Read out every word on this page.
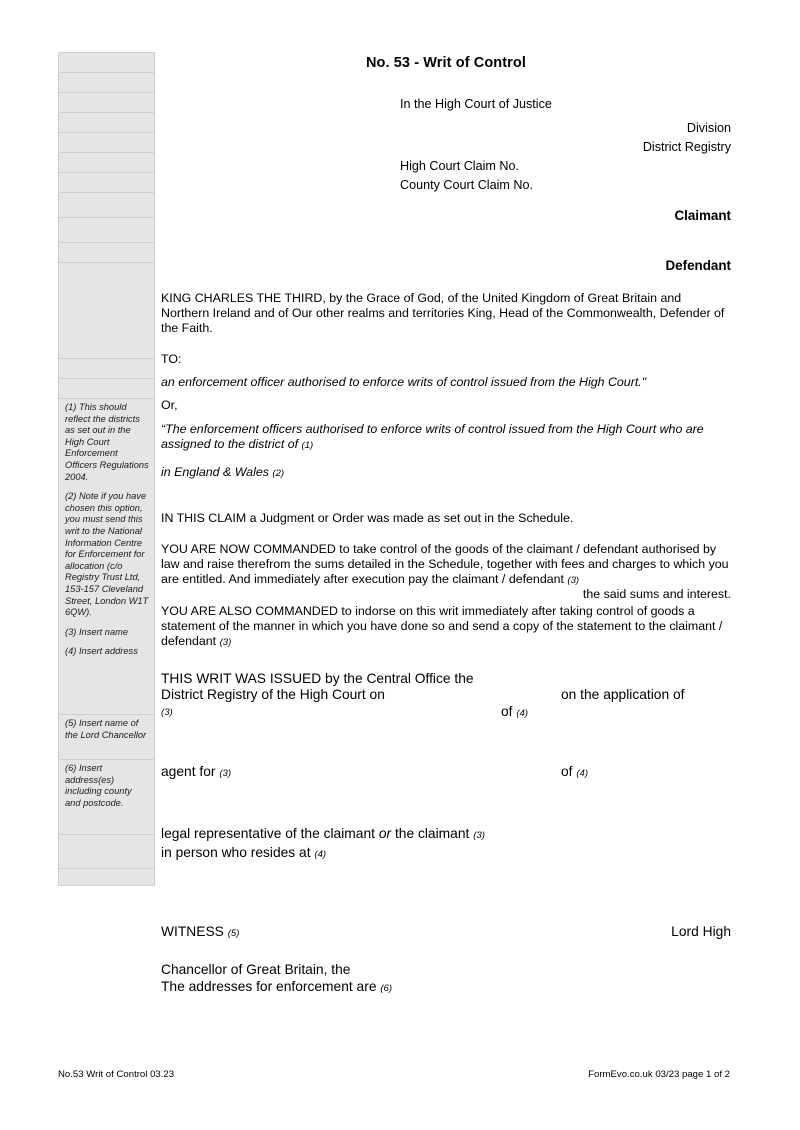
(1) This should reflect the districts as set out in the High Court Enforcement Officers Regulations 2004.

(2) Note if you have chosen this option, you must send this writ to the National Information Centre for Enforcement for allocation (c/o Registry Trust Ltd, 153-157 Cleveland Street, London W1T 6QW).

(3) Insert name

(4) Insert address

(5) Insert name of the Lord Chancellor

(6) Insert address(es) including county and postcode.

No. 53 - Writ of Control
In the High Court of Justice
Division
District Registry
High Court Claim No.
County Court Claim No.
Claimant
Defendant

KING CHARLES THE THIRD, by the Grace of God, of the United Kingdom of Great Britain and Northern Ireland and of Our other realms and territories King, Head of the Commonwealth, Defender of the Faith.

TO:

an enforcement officer authorised to enforce writs of control issued from the High Court."

Or,

“The enforcement officers authorised to enforce writs of control issued from the High Court who are assigned to the district of (1)

in England & Wales (2)

IN THIS CLAIM a Judgment or Order was made as set out in the Schedule.

YOU ARE NOW COMMANDED to take control of the goods of the claimant / defendant authorised by law and raise therefrom the sums detailed in the Schedule, together with fees and charges to which you are entitled. And immediately after execution pay the claimant / defendant (3)

the said sums and interest.

YOU ARE ALSO COMMANDED to indorse on this writ immediately after taking control of goods a statement of the manner in which you have done so and send a copy of the statement to the claimant / defendant (3)

THIS WRIT WAS ISSUED by the Central Office the

District Registry of the High Court on	on the application of

(3)	of (4)

agent for (3)	of (4)

legal representative of the claimant or the claimant (3)

in person who resides at (4)

WITNESS (5)	Lord High

Chancellor of Great Britain, the

The addresses for enforcement are (6)

No.53 Writ of Control 03.23	FormEvo.co.uk 03/23 page 1 of 2
